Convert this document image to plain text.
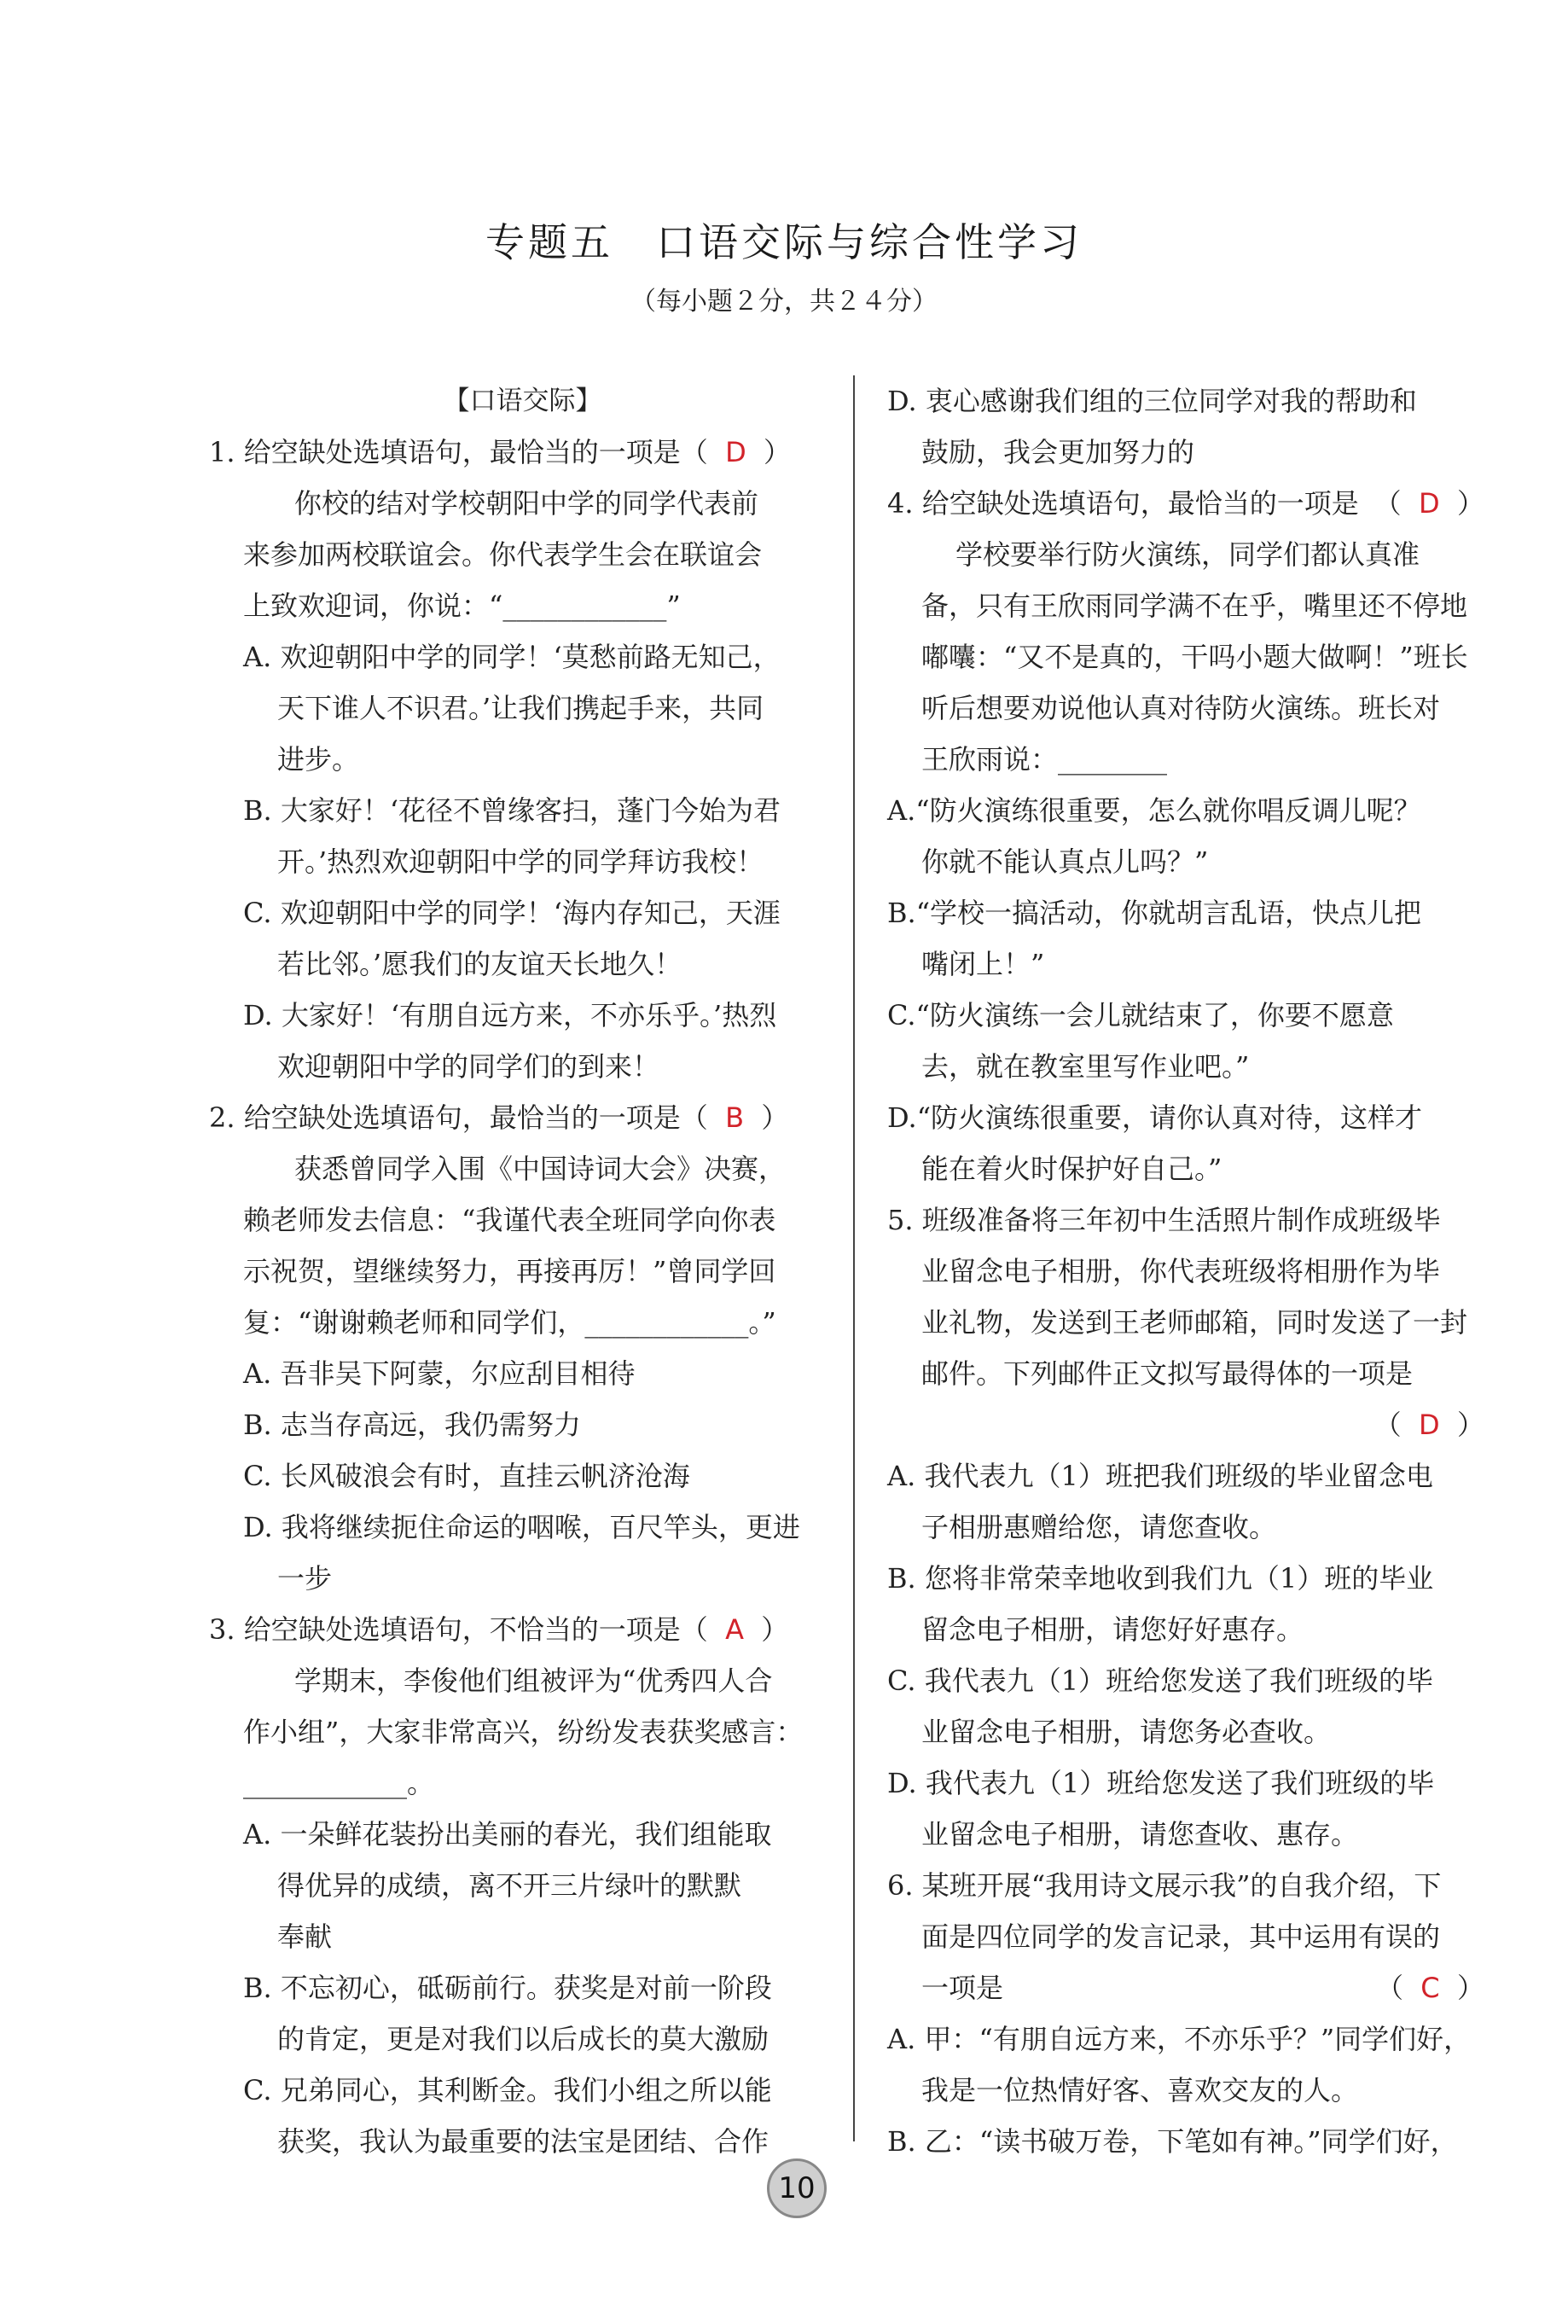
专题五　口语交际与综合性学习
（每小题２分，共２４分）
【口语交际】
1. 给空缺处选填语句，最恰当的一项是（ D ）
你校的结对学校朝阳中学的同学代表前
来参加两校联谊会。你代表学生会在联谊会
上致欢迎词，你说：“____________”
A. 欢迎朝阳中学的同学！‘莫愁前路无知己，
天下谁人不识君。’让我们携起手来，共同
进步。
B. 大家好！‘花径不曾缘客扫，蓬门今始为君
开。’热烈欢迎朝阳中学的同学拜访我校！
C. 欢迎朝阳中学的同学！‘海内存知己，天涯
若比邻。’愿我们的友谊天长地久！
D. 大家好！‘有朋自远方来，不亦乐乎。’热烈
欢迎朝阳中学的同学们的到来！
2. 给空缺处选填语句，最恰当的一项是（ B ）
获悉曾同学入围《中国诗词大会》决赛，
赖老师发去信息：“我谨代表全班同学向你表
示祝贺，望继续努力，再接再厉！”曾同学回
复：“谢谢赖老师和同学们，____________。”
A. 吾非吴下阿蒙，尔应刮目相待
B. 志当存高远，我仍需努力
C. 长风破浪会有时，直挂云帆济沧海
D. 我将继续扼住命运的咽喉，百尺竿头，更进
一步
3. 给空缺处选填语句，不恰当的一项是（ A ）
学期末，李俊他们组被评为“优秀四人合
作小组”，大家非常高兴，纷纷发表获奖感言：
____________。
A. 一朵鲜花装扮出美丽的春光，我们组能取
得优异的成绩，离不开三片绿叶的默默
奉献
B. 不忘初心，砥砺前行。获奖是对前一阶段
的肯定，更是对我们以后成长的莫大激励
C. 兄弟同心，其利断金。我们小组之所以能
获奖，我认为最重要的法宝是团结、合作
D. 衷心感谢我们组的三位同学对我的帮助和
鼓励，我会更加努力的
4. 给空缺处选填语句，最恰当的一项是 （  D  ）
学校要举行防火演练，同学们都认真准
备，只有王欣雨同学满不在乎，嘴里还不停地
嘟囔：“又不是真的，干吗小题大做啊！”班长
听后想要劝说他认真对待防火演练。班长对
王欣雨说：________
A.“防火演练很重要，怎么就你唱反调儿呢？
你就不能认真点儿吗？”
B.“学校一搞活动，你就胡言乱语，快点儿把
嘴闭上！”
C.“防火演练一会儿就结束了，你要不愿意
去，就在教室里写作业吧。”
D.“防火演练很重要，请你认真对待，这样才
能在着火时保护好自己。”
5. 班级准备将三年初中生活照片制作成班级毕
业留念电子相册，你代表班级将相册作为毕
业礼物，发送到王老师邮箱，同时发送了一封
邮件。下列邮件正文拟写最得体的一项是
（  D  ）
A. 我代表九（1）班把我们班级的毕业留念电
子相册惠赠给您，请您查收。
B. 您将非常荣幸地收到我们九（1）班的毕业
留念电子相册，请您好好惠存。
C. 我代表九（1）班给您发送了我们班级的毕
业留念电子相册，请您务必查收。
D. 我代表九（1）班给您发送了我们班级的毕
业留念电子相册，请您查收、惠存。
6. 某班开展“我用诗文展示我”的自我介绍，下
面是四位同学的发言记录，其中运用有误的
一项是	（  C  ）
A. 甲：“有朋自远方来，不亦乐乎？”同学们好，
我是一位热情好客、喜欢交友的人。
B. 乙：“读书破万卷，下笔如有神。”同学们好，
10
